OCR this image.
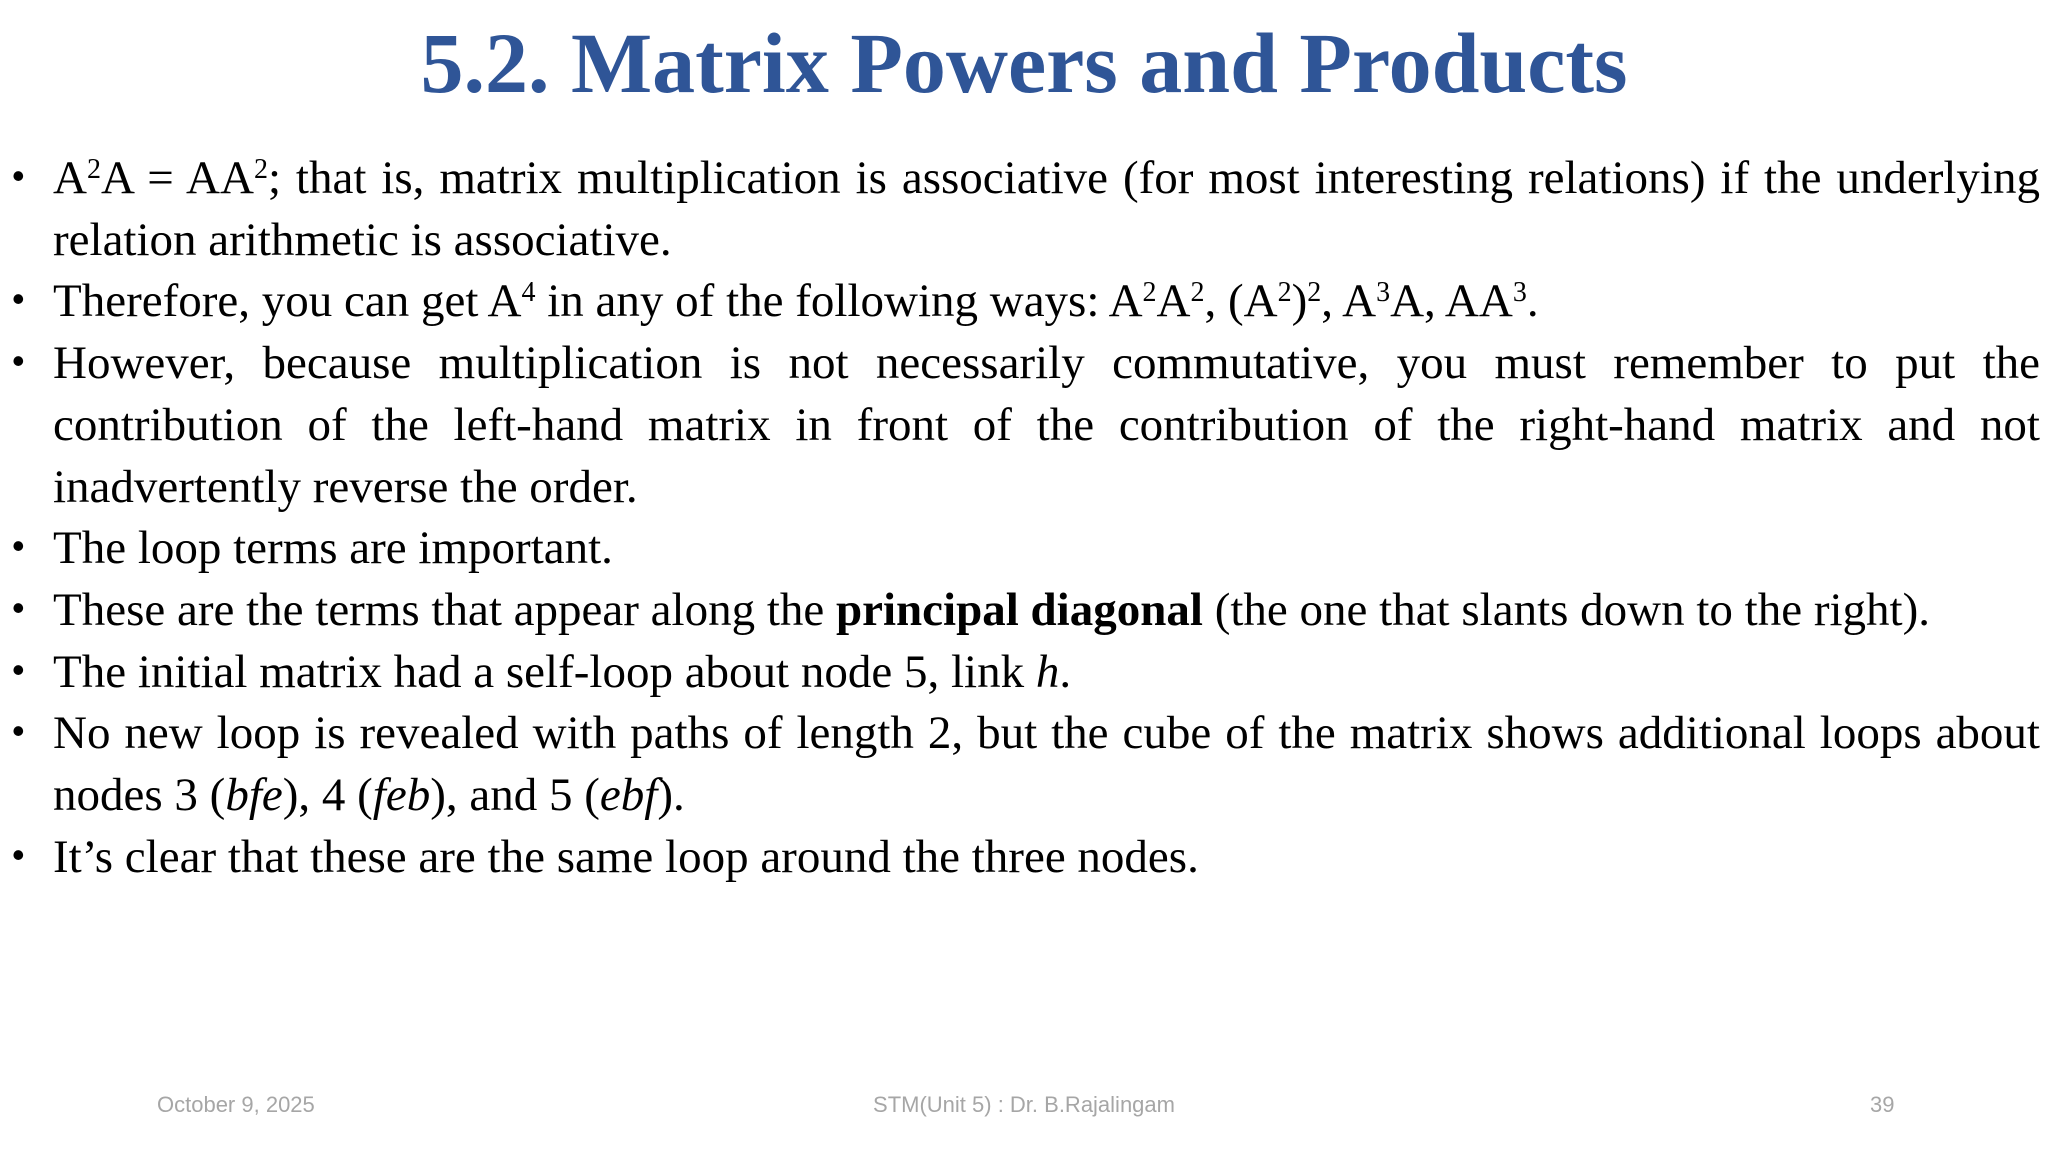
5.2. Matrix Powers and Products
• $A^2A = AA^2$; that is, matrix multiplication is associative (for most interesting relations) if the underlying relation arithmetic is associative.
• Therefore, you can get $A^4$ in any of the following ways: $A^2A^2$, $(A^2)^2$, $A^3A$, $AA^3$.
• However, because multiplication is not necessarily commutative, you must remember to put the contribution of the left-hand matrix in front of the contribution of the right-hand matrix and not inadvertently reverse the order.
• The loop terms are important.
• These are the terms that appear along the principal diagonal (the one that slants down to the right).
• The initial matrix had a self-loop about node 5, link h.
• No new loop is revealed with paths of length 2, but the cube of the matrix shows additional loops about nodes 3 (bfe), 4 (feb), and 5 (ebf).
• It’s clear that these are the same loop around the three nodes.
October 9, 2025	STM(Unit 5) : Dr. B.Rajalingam	39
